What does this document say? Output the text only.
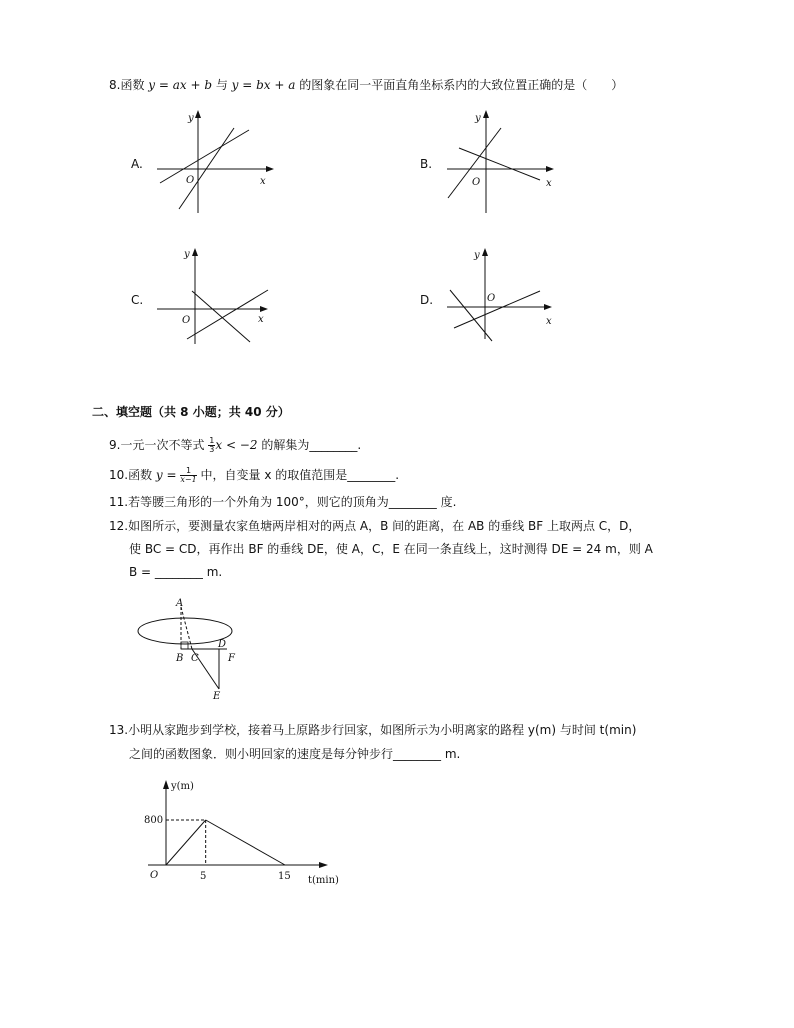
8.函数 y = ax + b 与 y = bx + a 的图象在同一平面直角坐标系内的大致位置正确的是（　　）
A.
y
x
O
B.
y
x
O
C.
y
x
O
D.
y
x
O
二、填空题（共 8 小题；共 40 分）
9.一元一次不等式 $\frac{1}{3}$ x < −2 的解集为________.
10.函数 $y = \frac{1}{x-1}$ 中，自变量 x 的取值范围是________.
11.若等腰三角形的一个外角为 100°，则它的顶角为________ 度.
12.如图所示，要测量农家鱼塘两岸相对的两点 A，B 间的距离，在 AB 的垂线 BF 上取两点 C，D，
使 BC = CD，再作出 BF 的垂线 DE，使 A，C，E 在同一条直线上，这时测得 DE = 24 m，则 A
B = ________ m.
A
B C
D
F
E
13.小明从家跑步到学校，接着马上原路步行回家，如图所示为小明离家的路程 y(m) 与时间 t(min)
之间的函数图象．则小明回家的速度是每分钟步行________ m.
y(m)
t(min)
O
800
5	15
